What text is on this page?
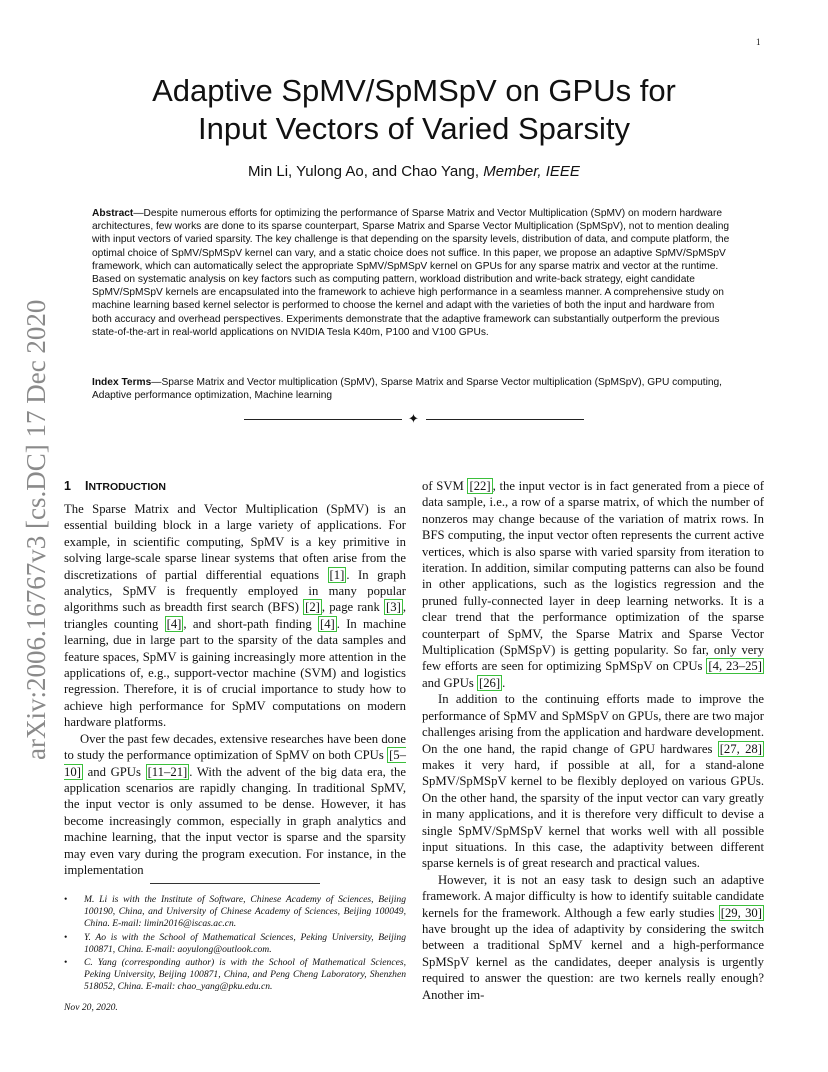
1
Adaptive SpMV/SpMSpV on GPUs for
Input Vectors of Varied Sparsity
Min Li, Yulong Ao, and Chao Yang, Member, IEEE

Abstract—Despite numerous efforts for optimizing the performance of Sparse Matrix and Vector Multiplication (SpMV) on modern hardware architectures, few works are done to its sparse counterpart, Sparse Matrix and Sparse Vector Multiplication (SpMSpV), not to mention dealing with input vectors of varied sparsity. The key challenge is that depending on the sparsity levels, distribution of data, and compute platform, the optimal choice of SpMV/SpMSpV kernel can vary, and a static choice does not suffice. In this paper, we propose an adaptive SpMV/SpMSpV framework, which can automatically select the appropriate SpMV/SpMSpV kernel on GPUs for any sparse matrix and vector at the runtime. Based on systematic analysis on key factors such as computing pattern, workload distribution and write-back strategy, eight candidate SpMV/SpMSpV kernels are encapsulated into the framework to achieve high performance in a seamless manner. A comprehensive study on machine learning based kernel selector is performed to choose the kernel and adapt with the varieties of both the input and hardware from both accuracy and overhead perspectives. Experiments demonstrate that the adaptive framework can substantially outperform the previous state-of-the-art in real-world applications on NVIDIA Tesla K40m, P100 and V100 GPUs.

Index Terms—Sparse Matrix and Vector multiplication (SpMV), Sparse Matrix and Sparse Vector multiplication (SpMSpV), GPU computing, Adaptive performance optimization, Machine learning

✦
arXiv:2006.16767v3 [cs.DC] 17 Dec 2020	1 INTRODUCTION

The Sparse Matrix and Vector Multiplication (SpMV) is an essential building block in a large variety of applications. For example, in scientific computing, SpMV is a key primitive in solving large-scale sparse linear systems that often arise from the discretizations of partial differential equations [1] . In graph analytics, SpMV is frequently employed in many popular algorithms such as breadth first search (BFS) [2] , page rank [3] , triangles counting [4] , and short-path finding [4] . In machine learning, due in large part to the sparsity of the data samples and feature spaces, SpMV is gaining increasingly more attention in the applications of, e.g., support-vector machine (SVM) and logistics regression. Therefore, it is of crucial importance to study how to achieve high performance for SpMV computations on modern hardware platforms.

Over the past few decades, extensive researches have been done to study the performance optimization of SpMV on both CPUs [5–10] and GPUs [11–21] . With the advent of the big data era, the application scenarios are rapidly changing. In traditional SpMV, the input vector is only assumed to be dense. However, it has become increasingly common, especially in graph analytics and machine learning, that the input vector is sparse and the sparsity may even vary during the program execution. For instance, in the implementation

of SVM [22] , the input vector is in fact generated from a piece of data sample, i.e., a row of a sparse matrix, of which the number of nonzeros may change because of the variation of matrix rows. In BFS computing, the input vector often represents the current active vertices, which is also sparse with varied sparsity from iteration to iteration. In addition, similar computing patterns can also be found in other applications, such as the logistics regression and the pruned fully-connected layer in deep learning networks. It is a clear trend that the performance optimization of the sparse counterpart of SpMV, the Sparse Matrix and Sparse Vector Multiplication (SpMSpV) is getting popularity. So far, only very few efforts are seen for optimizing SpMSpV on CPUs [4, 23–25] and GPUs [26] .

In addition to the continuing efforts made to improve the performance of SpMV and SpMSpV on GPUs, there are two major challenges arising from the application and hardware development. On the one hand, the rapid change of GPU hardwares [27, 28] makes it very hard, if possible at all, for a stand-alone SpMV/SpMSpV kernel to be flexibly deployed on various GPUs. On the other hand, the sparsity of the input vector can vary greatly in many applications, and it is therefore very difficult to devise a single SpMV/SpMSpV kernel that works well with all possible input situations. In this case, the adaptivity between different sparse kernels is of great research and practical values.

However, it is not an easy task to design such an adaptive framework. A major difficulty is how to identify suitable candidate kernels for the framework. Although a few early studies [29, 30] have brought up the idea of adaptivity by considering the switch between a traditional SpMV kernel and a high-performance SpMSpV kernel as the candidates, deeper analysis is urgently required to answer the question: are two kernels really enough? Another im-

• M. Li is with the Institute of Software, Chinese Academy of Sciences, Beijing 100190, China, and University of Chinese Academy of Sciences, Beijing 100049, China. E-mail: limin2016@iscas.ac.cn.

• Y. Ao is with the School of Mathematical Sciences, Peking University, Beijing 100871, China. E-mail: aoyulong@outlook.com.

• C. Yang (corresponding author) is with the School of Mathematical Sciences, Peking University, Beijing 100871, China, and Peng Cheng Laboratory, Shenzhen 518052, China. E-mail: chao_yang@pku.edu.cn.

Nov 20, 2020.
